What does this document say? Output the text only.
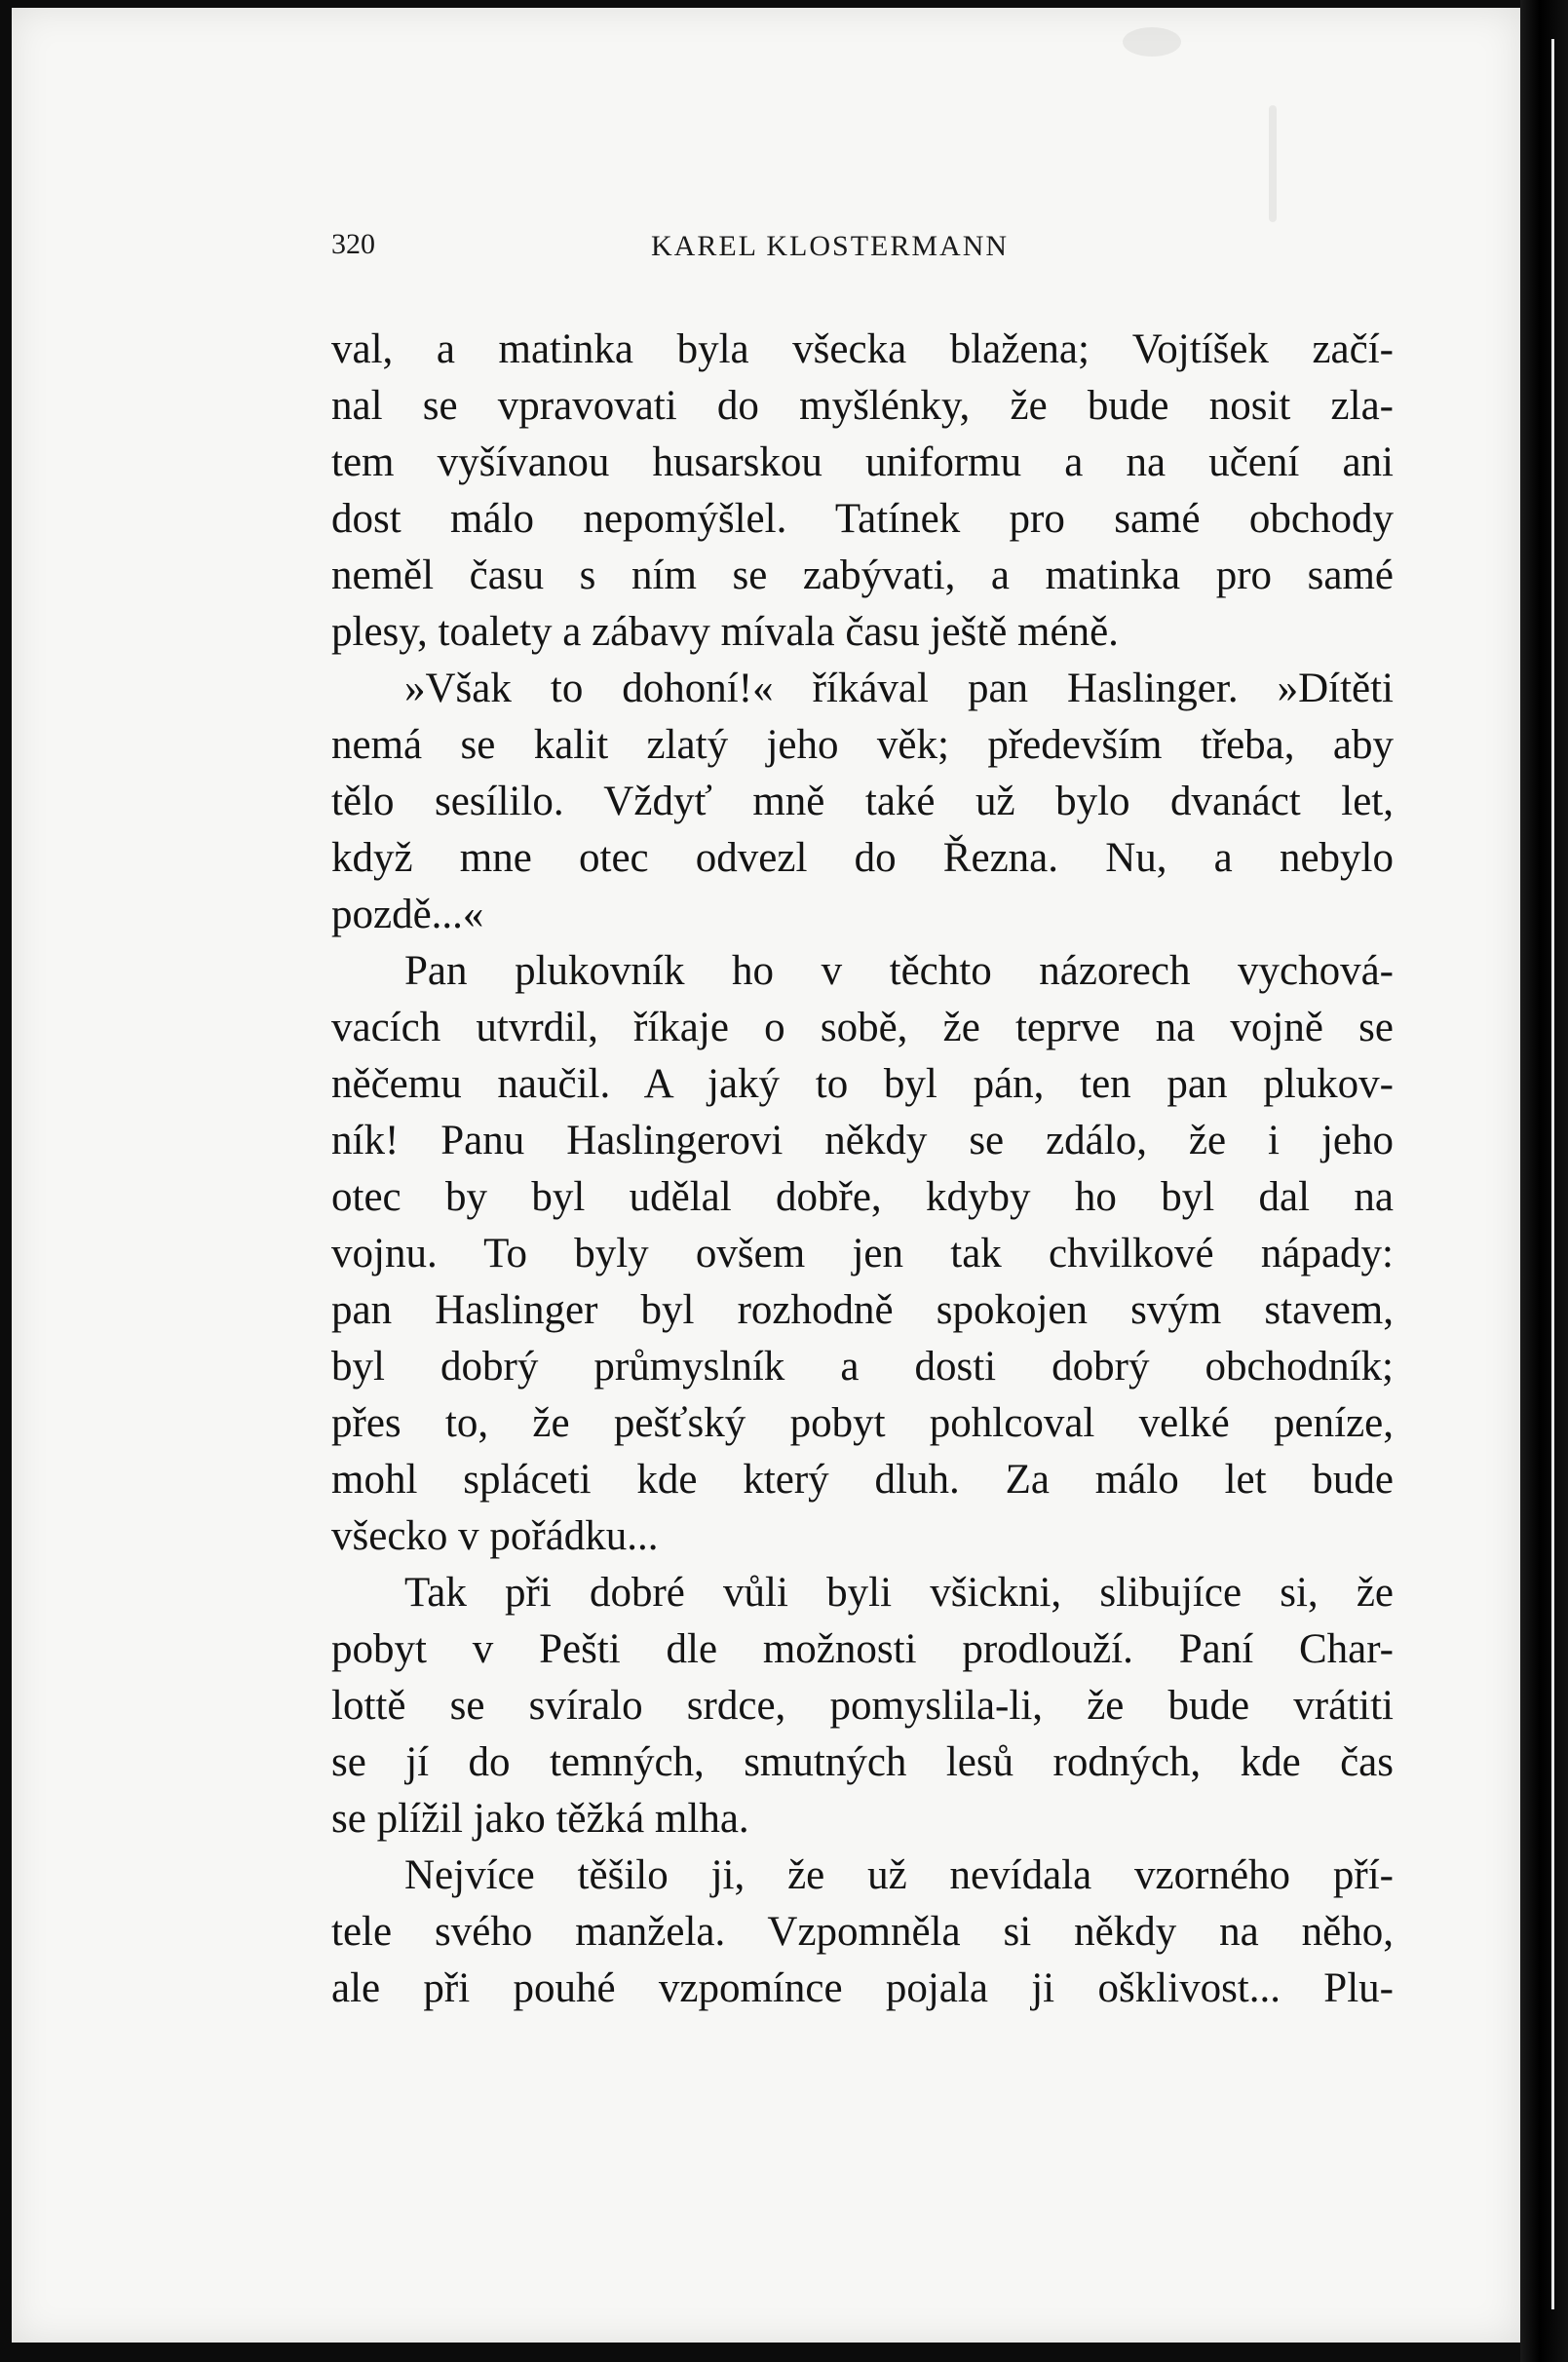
320	KAREL KLOSTERMANN
val, a matinka byla všecka blažena; Vojtíšek začí-
nal se vpravovati do myšlénky, že bude nosit zla-
tem vyšívanou husarskou uniformu a na učení ani
dost málo nepomýšlel. Tatínek pro samé obchody
neměl času s ním se zabývati, a matinka pro samé
plesy, toalety a zábavy mívala času ještě méně.
»Však to dohoní!« říkával pan Haslinger. »Dítěti
nemá se kalit zlatý jeho věk; především třeba, aby
tělo sesílilo. Vždyť mně také už bylo dvanáct let,
když mne otec odvezl do Řezna. Nu, a nebylo
pozdě...«
Pan plukovník ho v těchto názorech vychová-
vacích utvrdil, říkaje o sobě, že teprve na vojně se
něčemu naučil. A jaký to byl pán, ten pan plukov-
ník! Panu Haslingerovi někdy se zdálo, že i jeho
otec by byl udělal dobře, kdyby ho byl dal na
vojnu. To byly ovšem jen tak chvilkové nápady:
pan Haslinger byl rozhodně spokojen svým stavem,
byl dobrý průmyslník a dosti dobrý obchodník;
přes to, že pešťský pobyt pohlcoval velké peníze,
mohl spláceti kde který dluh. Za málo let bude
všecko v pořádku...
Tak při dobré vůli byli všickni, slibujíce si, že
pobyt v Pešti dle možnosti prodlouží. Paní Char-
lottě se svíralo srdce, pomyslila-li, že bude vrátiti
se jí do temných, smutných lesů rodných, kde čas
se plížil jako těžká mlha.
Nejvíce těšilo ji, že už nevídala vzorného pří-
tele svého manžela. Vzpomněla si někdy na něho,
ale při pouhé vzpomínce pojala ji ošklivost... Plu-
